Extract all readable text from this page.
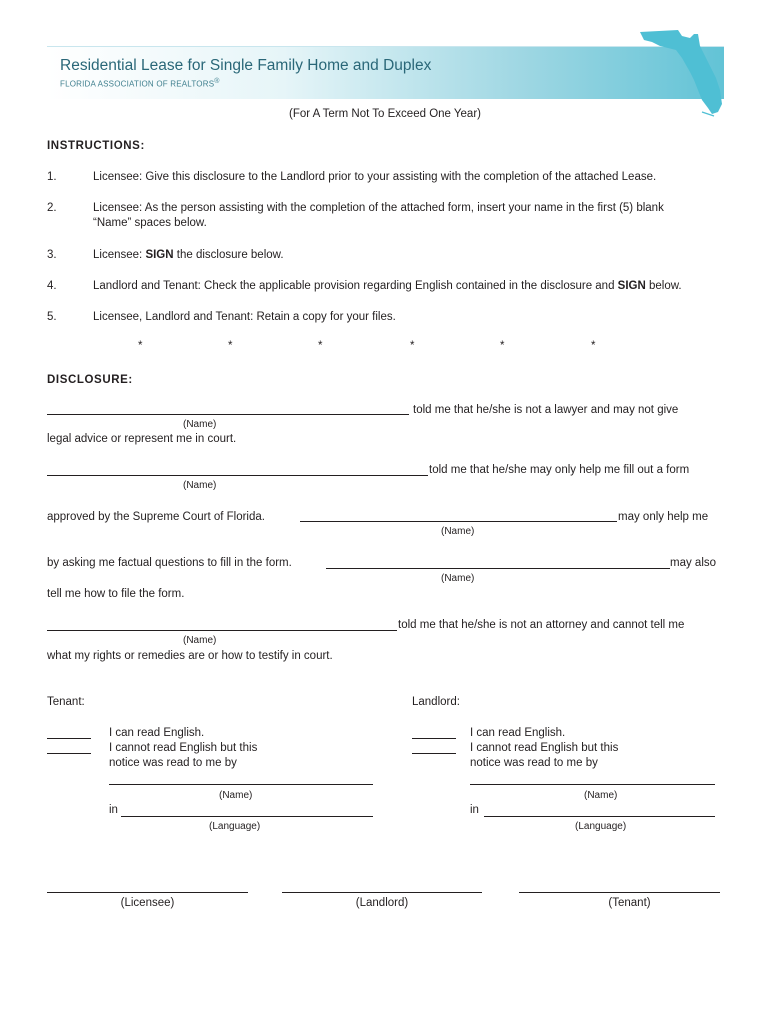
Residential Lease for Single Family Home and Duplex
FLORIDA ASSOCIATION OF REALTORS®
(For A Term Not To Exceed One Year)
INSTRUCTIONS:
1.	Licensee: Give this disclosure to the Landlord prior to your assisting with the completion of the attached Lease.
2.	Licensee: As the person assisting with the completion of the attached form, insert your name in the first (5) blank
“Name” spaces below.
3.	Licensee: SIGN the disclosure below.
4.	Landlord and Tenant: Check the applicable provision regarding English contained in the disclosure and SIGN below.
5.	Licensee, Landlord and Tenant: Retain a copy for your files.
*	*	*	*	*	*
DISCLOSURE:
told me that he/she is not a lawyer and may not give
(Name)
legal advice or represent me in court.
told me that he/she may only help me fill out a form
(Name)
approved by the Supreme Court of Florida.	may only help me
(Name)
by asking me factual questions to fill in the form.	may also
(Name)
tell me how to file the form.
told me that he/she is not an attorney and cannot tell me
(Name)
what my rights or remedies are or how to testify in court.
Tenant:
I can read English.
I cannot read English but this
notice was read to me by
(Name)
in
(Language)
Landlord:
I can read English.
I cannot read English but this
notice was read to me by
(Name)
in
(Language)
(Licensee)	(Landlord)	(Tenant)
